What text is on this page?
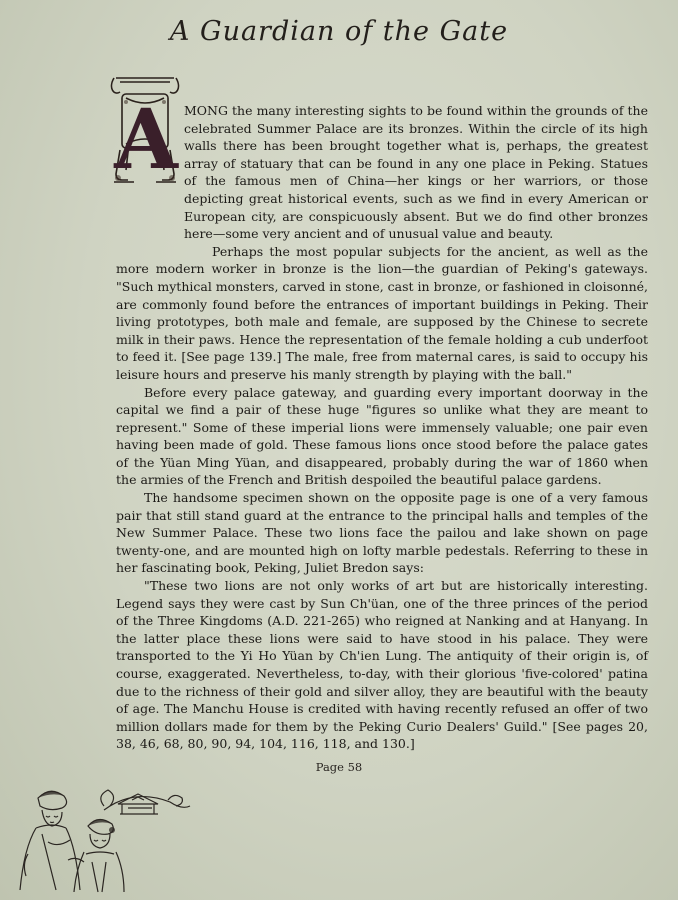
A Guardian of the Gate
A MONG the many interesting sights to be found within the grounds of the celebrated Summer Palace are its bronzes. Within the circle of its high walls there has been brought together what is, perhaps, the greatest array of statuary that can be found in any one place in Peking. Statues of the famous men of China—her kings or her warriors, or those depicting great historical events, such as we find in every American or European city, are conspicuously absent. But we do find other bronzes here—some very ancient and of unusual value and beauty.

Perhaps the most popular subjects for the ancient, as well as the more modern worker in bronze is the lion—the guardian of Peking's gateways. "Such mythical monsters, carved in stone, cast in bronze, or fashioned in cloisonné, are commonly found before the entrances of important buildings in Peking. Their living prototypes, both male and female, are supposed by the Chinese to secrete milk in their paws. Hence the representation of the female holding a cub underfoot to feed it. [See page 139.] The male, free from maternal cares, is said to occupy his leisure hours and preserve his manly strength by playing with the ball."

Before every palace gateway, and guarding every important doorway in the capital we find a pair of these huge "figures so unlike what they are meant to represent." Some of these imperial lions were immensely valuable; one pair even having been made of gold. These famous lions once stood before the palace gates of the Yüan Ming Yüan, and disappeared, probably during the war of 1860 when the armies of the French and British despoiled the beautiful palace gardens.

The handsome specimen shown on the opposite page is one of a very famous pair that still stand guard at the entrance to the principal halls and temples of the New Summer Palace. These two lions face the pailou and lake shown on page twenty-one, and are mounted high on lofty marble pedestals. Referring to these in her fascinating book, Peking, Juliet Bredon says:

"These two lions are not only works of art but are historically interesting. Legend says they were cast by Sun Ch'üan, one of the three princes of the period of the Three Kingdoms (A.D. 221-265) who reigned at Nanking and at Hanyang. In the latter place these lions were said to have stood in his palace. They were transported to the Yi Ho Yüan by Ch'ien Lung. The antiquity of their origin is, of course, exaggerated. Nevertheless, to-day, with their glorious 'five-colored' patina due to the richness of their gold and silver alloy, they are beautiful with the beauty of age. The Manchu House is credited with having recently refused an offer of two million dollars made for them by the Peking Curio Dealers' Guild." [See pages 20, 38, 46, 68, 80, 90, 94, 104, 116, 118, and 130.]

Page 58
